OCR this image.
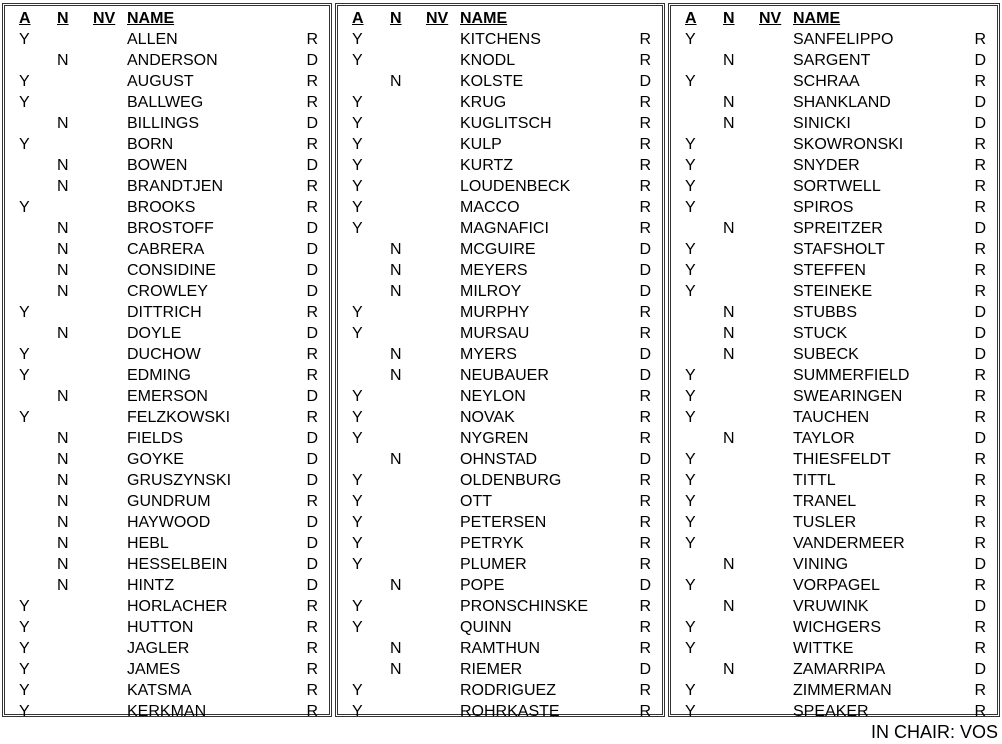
A N NV NAME
Y	ALLEN	R
N	ANDERSON	D
Y	AUGUST	R
Y	BALLWEG	R
N	BILLINGS	D
Y	BORN	R
N	BOWEN	D
N	BRANDTJEN	R
Y	BROOKS	R
N	BROSTOFF	D
N	CABRERA	D
N	CONSIDINE	D
N	CROWLEY	D
Y	DITTRICH	R
N	DOYLE	D
Y	DUCHOW	R
Y	EDMING	R
N	EMERSON	D
Y	FELZKOWSKI	R
N	FIELDS	D
N	GOYKE	D
N	GRUSZYNSKI	D
N	GUNDRUM	R
N	HAYWOOD	D
N	HEBL	D
N	HESSELBEIN	D
N	HINTZ	D
Y	HORLACHER	R
Y	HUTTON	R
Y	JAGLER	R
Y	JAMES	R
Y	KATSMA	R
Y	KERKMAN	R
A N NV NAME
Y	KITCHENS	R
Y	KNODL	R
N	KOLSTE	D
Y	KRUG	R
Y	KUGLITSCH	R
Y	KULP	R
Y	KURTZ	R
Y	LOUDENBECK	R
Y	MACCO	R
Y	MAGNAFICI	R
N	MCGUIRE	D
N	MEYERS	D
N	MILROY	D
Y	MURPHY	R
Y	MURSAU	R
N	MYERS	D
N	NEUBAUER	D
Y	NEYLON	R
Y	NOVAK	R
Y	NYGREN	R
N	OHNSTAD	D
Y	OLDENBURG	R
Y	OTT	R
Y	PETERSEN	R
Y	PETRYK	R
Y	PLUMER	R
N	POPE	D
Y	PRONSCHINSKE	R
Y	QUINN	R
N	RAMTHUN	R
N	RIEMER	D
Y	RODRIGUEZ	R
Y	ROHRKASTE	R
A N NV NAME
Y	SANFELIPPO	R
N	SARGENT	D
Y	SCHRAA	R
N	SHANKLAND	D
N	SINICKI	D
Y	SKOWRONSKI	R
Y	SNYDER	R
Y	SORTWELL	R
Y	SPIROS	R
N	SPREITZER	D
Y	STAFSHOLT	R
Y	STEFFEN	R
Y	STEINEKE	R
N	STUBBS	D
N	STUCK	D
N	SUBECK	D
Y	SUMMERFIELD	R
Y	SWEARINGEN	R
Y	TAUCHEN	R
N	TAYLOR	D
Y	THIESFELDT	R
Y	TITTL	R
Y	TRANEL	R
Y	TUSLER	R
Y	VANDERMEER	R
N	VINING	D
Y	VORPAGEL	R
N	VRUWINK	D
Y	WICHGERS	R
Y	WITTKE	R
N	ZAMARRIPA	D
Y	ZIMMERMAN	R
Y	SPEAKER	R
IN CHAIR: VOS
